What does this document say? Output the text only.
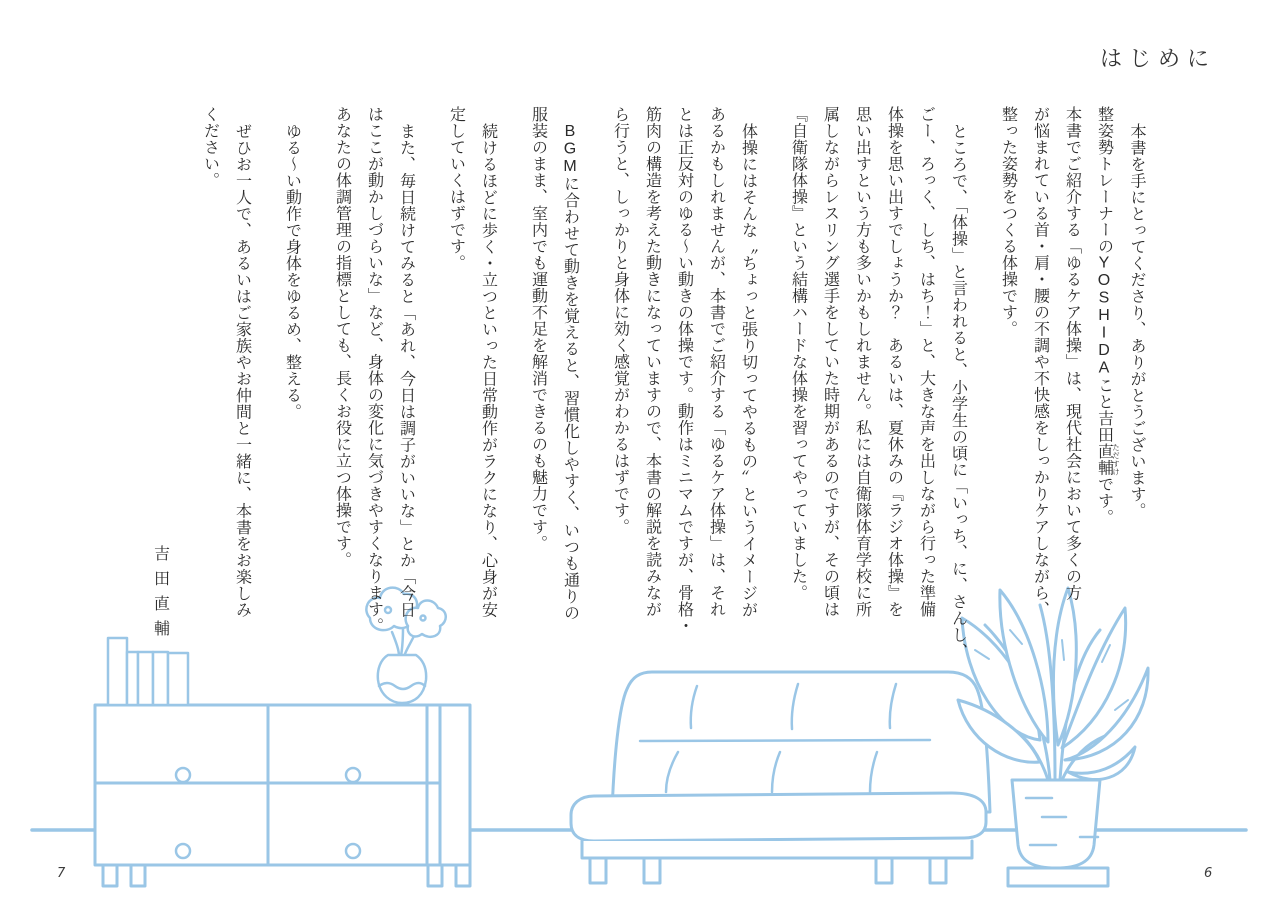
はじめに
本書を手にとってくださり、ありがとうございます。
整姿勢トレーナーのYOSHIDAこと吉田直輔 ただすけです。
本書でご紹介する「ゆるケア体操」は、現代社会において多くの方
が悩まれている首・肩・腰の不調や不快感をしっかりケアしながら、
整った姿勢をつくる体操です。
ところで、「体操」と言われると、小学生の頃に「いっち、に、さんし、
ごー、ろっく、しち、はち！」と、大きな声を出しながら行った準備
体操を思い出すでしょうか？　あるいは、夏休みの『ラジオ体操』を
思い出すという方も多いかもしれません。私には自衛隊体育学校に所
属しながらレスリング選手をしていた時期があるのですが、その頃は
『自衛隊体操』という結構ハードな体操を習ってやっていました。
体操にはそんな〝ちょっと張り切ってやるもの〟というイメージが
あるかもしれませんが、本書でご紹介する「ゆるケア体操」は、それ
とは正反対のゆる〜い動きの体操です。動作はミニマムですが、骨格・
筋肉の構造を考えた動きになっていますので、本書の解説を読みなが
ら行うと、しっかりと身体に効く感覚がわかるはずです。
BGMに合わせて動きを覚えると、習慣化しやすく、いつも通りの
服装のまま、室内でも運動不足を解消できるのも魅力です。
続けるほどに歩く・立つといった日常動作がラクになり、心身が安
定していくはずです。
また、毎日続けてみると「あれ、今日は調子がいいな」とか「今日
はここが動かしづらいな」など、身体の変化に気づきやすくなります。
あなたの体調管理の指標としても、長くお役に立つ体操です。
ゆる〜い動作で身体をゆるめ、整える。
ぜひお一人で、あるいはご家族やお仲間と一緒に、本書をお楽しみ
ください。
吉田直輔
7	6
